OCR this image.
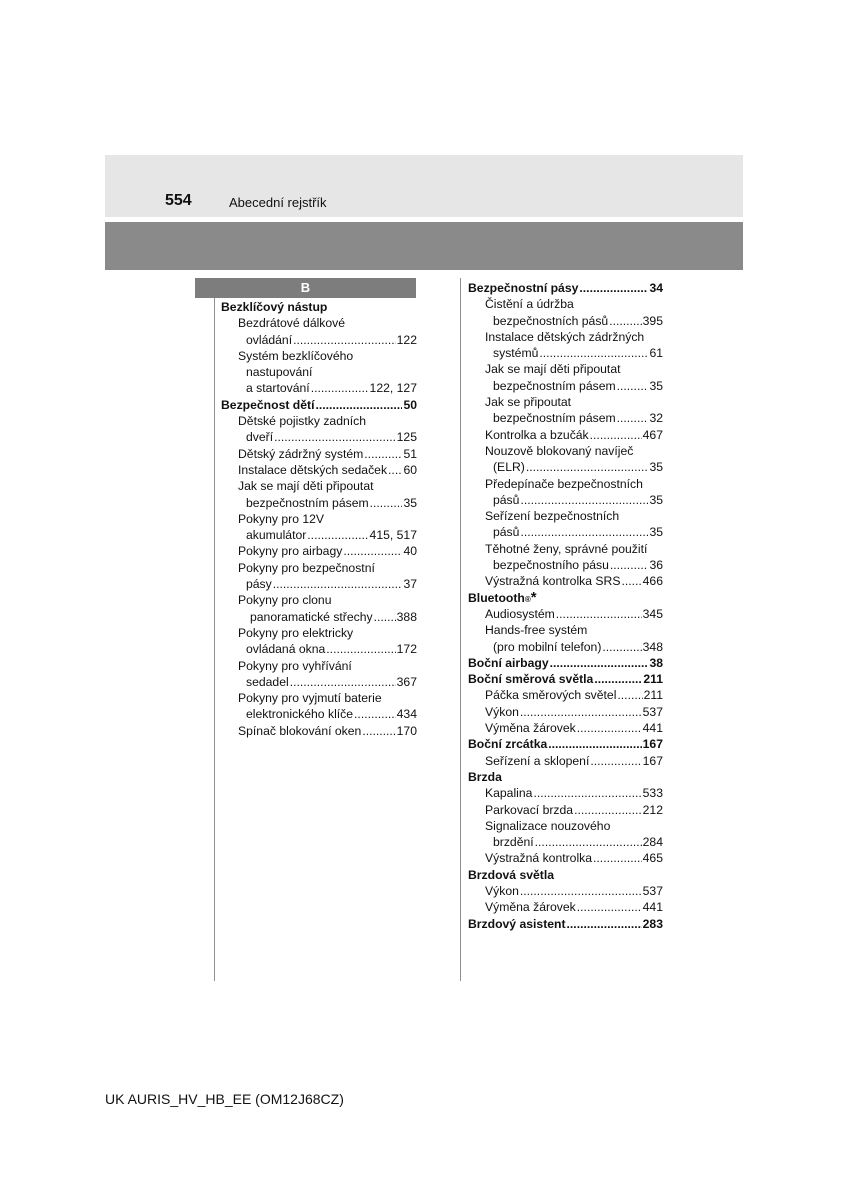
554	Abecední rejstřík
B
Bezklíčový nástup
Bezdrátové dálkové
ovládání .....	122
Systém bezklíčového
nastupování
a startování .....	122, 127
Bezpečnost dětí .....	50
Dětské pojistky zadních
dveří .....	125
Dětský zádržný systém .....	51
Instalace dětských sedaček ..... 60
Jak se mají děti připoutat
bezpečnostním pásem .....	35
Pokyny pro 12V
akumulátor .....	415, 517
Pokyny pro airbagy .....	40
Pokyny pro bezpečnostní
pásy .....	37
Pokyny pro clonu
panoramatické střechy ..... 388
Pokyny pro elektricky
ovládaná okna .....	172
Pokyny pro vyhřívání
sedadel .....	367
Pokyny pro vyjmutí baterie
elektronického klíče .....	434
Spínač blokování oken .....	170
Bezpečnostní pásy .....	34
Čistění a údržba
bezpečnostních pásů .....	395
Instalace dětských zádržných
systémů .....	61
Jak se mají děti připoutat
bezpečnostním pásem .....	35
Jak se připoutat
bezpečnostním pásem .....	32
Kontrolka a bzučák .....	467
Nouzově blokovaný navíječ
(ELR) .....	35
Předepínače bezpečnostních
pásů .....	35
Seřízení bezpečnostních
pásů .....	35
Těhotné ženy, správné použití
bezpečnostního pásu .....	36
Výstražná kontrolka SRS ..... 466
Bluetooth ® *
Audiosystém .....	345
Hands-free systém
(pro mobilní telefon) .....	348
Boční airbagy .....	38
Boční směrová světla .....	211
Páčka směrových světel ..... 211
Výkon .....	537
Výměna žárovek .....	441
Boční zrcátka .....	167
Seřízení a sklopení .....	167
Brzda
Kapalina .....	533
Parkovací brzda .....	212
Signalizace nouzového
brzdění .....	284
Výstražná kontrolka .....	465
Brzdová světla
Výkon .....	537
Výměna žárovek .....	441
Brzdový asistent .....	283
UK AURIS_HV_HB_EE (OM12J68CZ)
